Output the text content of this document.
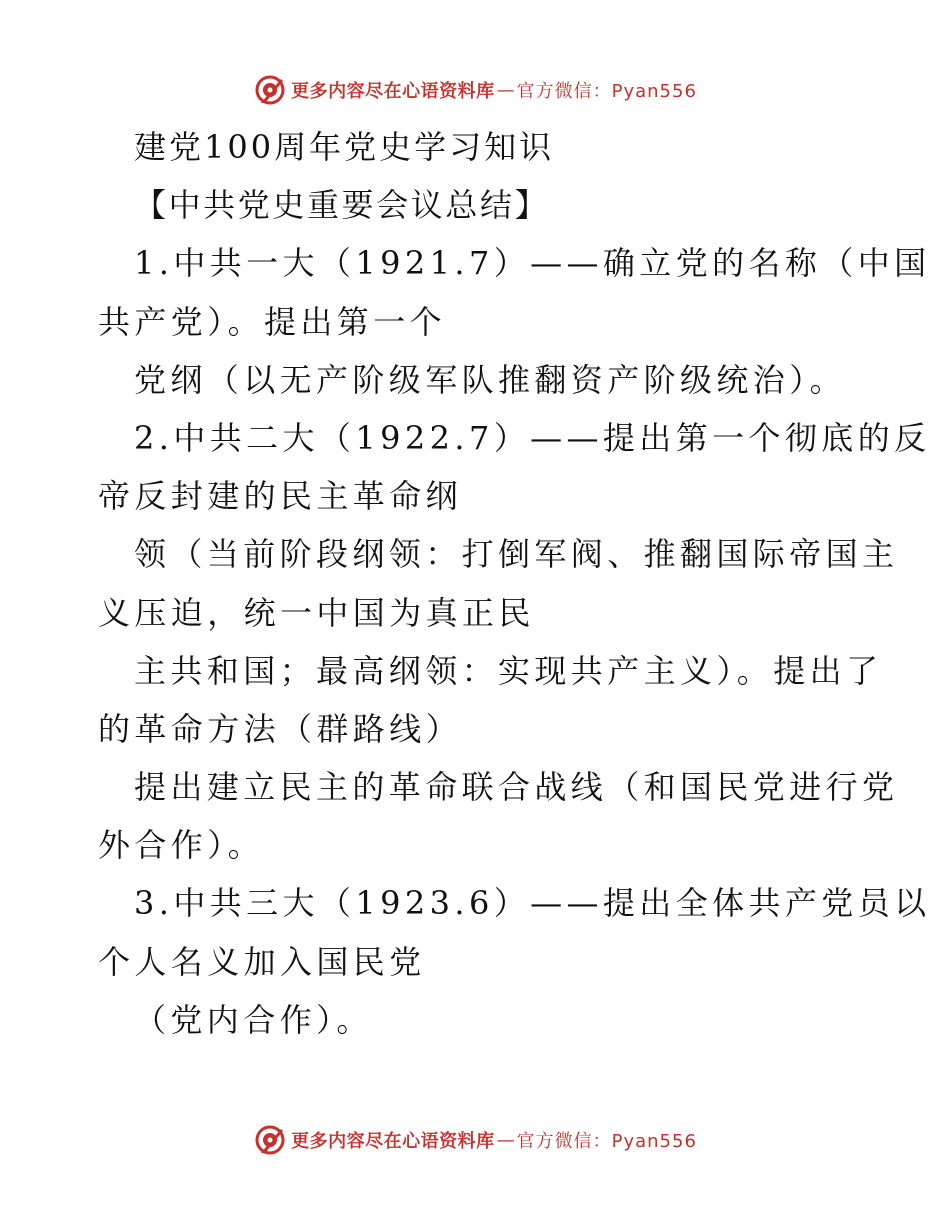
更多内容尽在心语资料库 — 官方微信：Pyan556
建党100周年党史学习知识
【中共党史重要会议总结】
1.中共一大（1921.7）——确立党的名称（中国
共产党）。提出第一个
党纲（以无产阶级军队推翻资产阶级统治）。
2.中共二大（1922.7）——提出第一个彻底的反
帝反封建的民主革命纲
领（当前阶段纲领：打倒军阀、推翻国际帝国主
义压迫，统一中国为真正民
主共和国；最高纲领：实现共产主义）。提出了
的革命方法（群路线）
提出建立民主的革命联合战线（和国民党进行党
外合作）。
3.中共三大（1923.6）——提出全体共产党员以
个人名义加入国民党
（党内合作）。
更多内容尽在心语资料库 — 官方微信：Pyan556
